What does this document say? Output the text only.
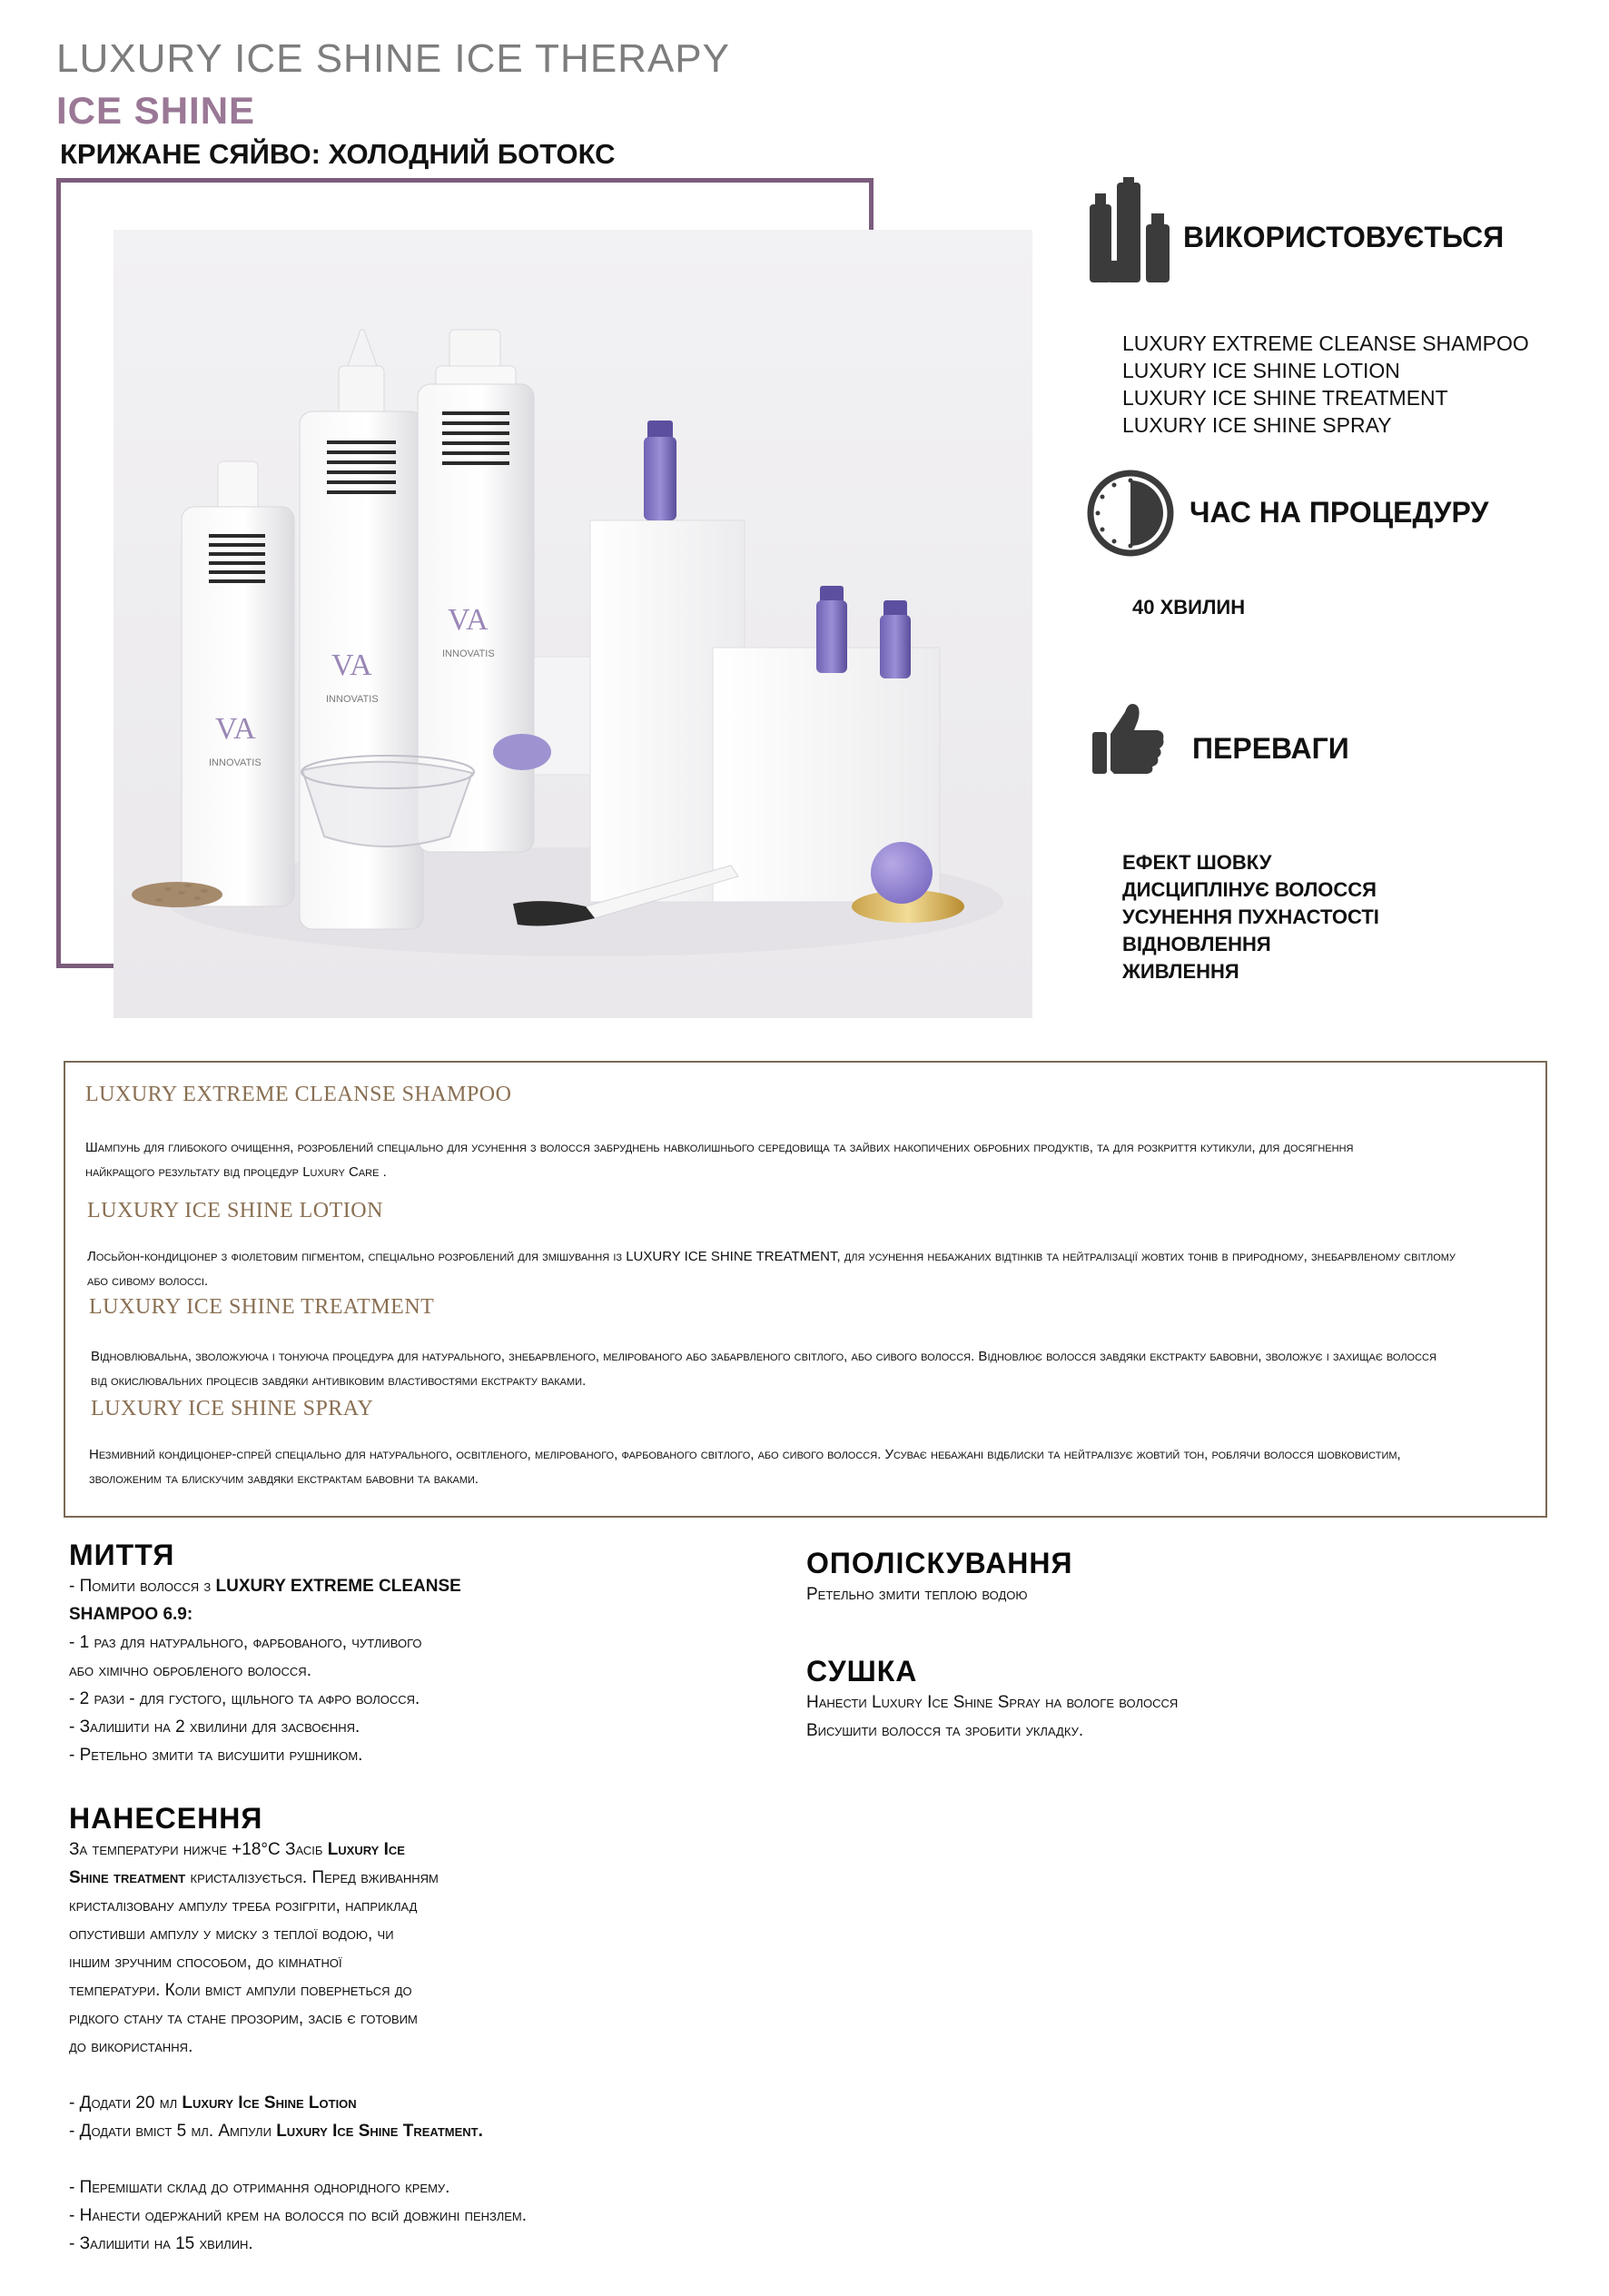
LUXURY ICE SHINE ICE THERAPY
ICE SHINE
КРИЖАНЕ СЯЙВО: ХОЛОДНИЙ БОТОКС
VA
INNOVATIS
VA
INNOVATIS
VA
INNOVATIS
ВИКОРИСТОВУЄТЬСЯ
LUXURY EXTREME CLEANSE SHAMPOO
LUXURY ICE SHINE LOTION
LUXURY ICE SHINE TREATMENT
LUXURY ICE SHINE SPRAY
ЧАС НА ПРОЦЕДУРУ
40 ХВИЛИН
ПЕРЕВАГИ
ЕФЕКТ ШОВКУ
ДИСЦИПЛІНУЄ ВОЛОССЯ
УСУНЕННЯ ПУХНАСТОСТІ
ВІДНОВЛЕННЯ
ЖИВЛЕННЯ
LUXURY EXTREME CLEANSE SHAMPOO
Шампунь для глибокого очищення, розроблений спеціально для усунення з волосся забруднень навколишнього середовища та зайвих накопичених обробних продуктів, та для розкриття кутикули, для досягнення найкращого результату від процедур Luxury Care .
LUXURY ICE SHINE LOTION
Лосьйон-кондиціонер з фіолетовим пігментом, спеціально розроблений для змішування із LUXURY ICE SHINE TREATMENT, для усунення небажаних відтінків та нейтралізації жовтих тонів в природному, знебарвленому світлому або сивому волоссі.
LUXURY ICE SHINE TREATMENT
Відновлювальна, зволожуюча і тонуюча процедура для натурального, знебарвленого, мелірованого або забарвленого світлого, або сивого волосся. Відновлює волосся завдяки екстракту бавовни, зволожує і захищає волосся від окислювальних процесів завдяки антивіковим властивостями екстракту ваками.
LUXURY ICE SHINE SPRAY
Незмивний кондиціонер-спрей спеціально для натурального, освітленого, мелірованого, фарбованого світлого, або сивого волосся. Усуває небажані відблиски та нейтралізує жовтий тон, роблячи волосся шовковистим, зволоженим та блискучим завдяки екстрактам бавовни та ваками.
МИТТЯ
- Помити волосся з LUXURY EXTREME CLEANSE
SHAMPOO 6.9:
- 1 раз для натурального, фарбованого, чутливого
або хімічно обробленого волосся.
- 2 рази - для густого, щільного та афро волосся.
- Залишити на 2 хвилини для засвоєння.
- Ретельно змити та висушити рушником.
НАНЕСЕННЯ
За температури нижче +18°С Засіб Luxury Ice
Shine treatment кристалізується. Перед вживанням
кристалізовану ампулу треба розігріти, наприклад
опустивши ампулу у миску з теплої водою, чи
іншим зручним способом, до кімнатної
температури. Коли вміст ампули повернеться до
рідкого стану та стане прозорим, засіб є готовим
до використання.
- Додати 20 мл Luxury Ice Shine Lotion
- Додати вміст 5 мл. Ампули Luxury Ice Shine Treatment.
- Перемішати склад до отримання однорідного крему.
- Нанести одержаний крем на волосся по всій довжині пензлем.
- Залишити на 15 хвилин.
ОПОЛІСКУВАННЯ
Ретельно змити теплою водою
СУШКА
Нанести Luxury Ice Shine Spray на вологе волосся
Висушити волосся та зробити укладку.
